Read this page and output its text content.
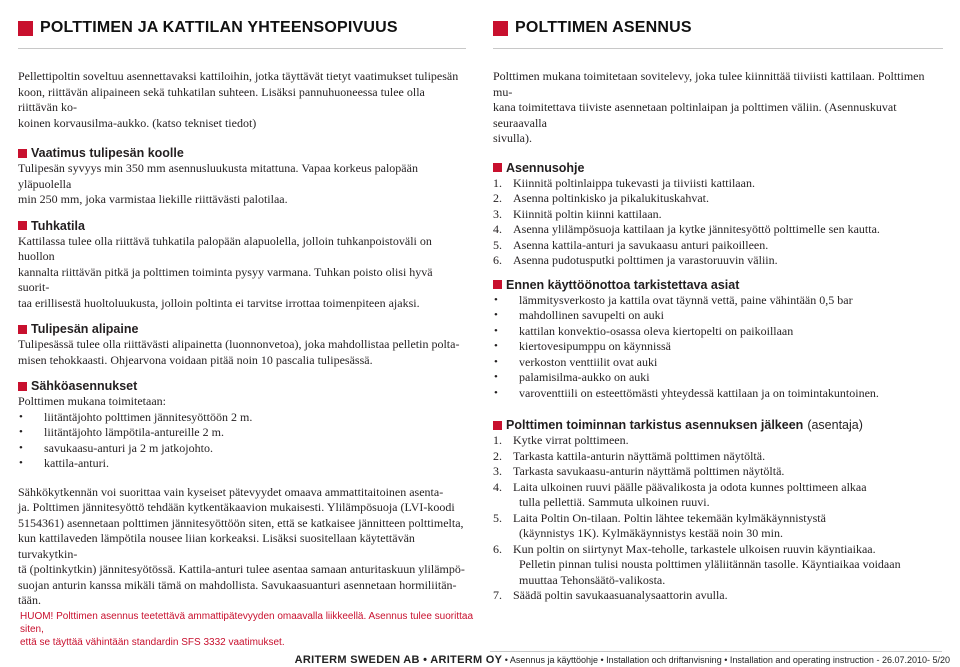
POLTTIMEN JA KATTILAN YHTEENSOPIVUUS

Pellettipoltin soveltuu asennettavaksi kattiloihin, jotka täyttävät tietyt vaatimukset tulipesän

koon, riittävän alipaineen sekä tuhkatilan suhteen. Lisäksi pannuhuoneessa tulee olla riittävän ko-

koinen korvausilma-aukko. (katso tekniset tiedot)

Vaatimus tulipesän koolle

Tulipesän syvyys min 350 mm asennusluukusta mitattuna. Vapaa korkeus palopään yläpuolella

min 250 mm, joka varmistaa liekille riittävästi palotilaa.

Tuhkatila

Kattilassa tulee olla riittävä tuhkatila palopään alapuolella, jolloin tuhkanpoistoväli on huollon

kannalta riittävän pitkä ja polttimen toiminta pysyy varmana. Tuhkan poisto olisi hyvä suorit-

taa erillisestä huoltoluukusta, jolloin poltinta ei tarvitse irrottaa toimenpiteen ajaksi.

Tulipesän alipaine

Tulipesässä tulee olla riittävästi alipainetta (luonnonvetoa), joka mahdollistaa pelletin polta-

misen tehokkaasti. Ohjearvona voidaan pitää noin 10 pascalia tulipesässä.

Sähköasennukset

Polttimen mukana toimitetaan:

• liitäntäjohto polttimen jännitesyöttöön 2 m.
• liitäntäjohto lämpötila-antureille 2 m.
• savukaasu-anturi ja 2 m jatkojohto.
• kattila-anturi.

Sähkökytkennän voi suorittaa vain kyseiset pätevyydet omaava ammattitaitoinen asenta-

ja. Polttimen jännitesyöttö tehdään kytkentäkaavion mukaisesti. Ylilämpösuoja (LVI-koodi

5154361) asennetaan polttimen jännitesyöttöön siten, että se katkaisee jännitteen polttimelta,

kun kattilaveden lämpötila nousee liian korkeaksi. Lisäksi suositellaan käytettävän turvakytkin-

tä (poltinkytkin) jännitesyötössä. Kattila-anturi tulee asentaa samaan anturitaskuun ylilämpö-

suojan anturin kanssa mikäli tämä on mahdollista. Savukaasuanturi asennetaan hormiliitän-

tään.

POLTTIMEN ASENNUS

Polttimen mukana toimitetaan sovitelevy, joka tulee kiinnittää tiiviisti kattilaan. Polttimen mu-

kana toimitettava tiiviste asennetaan poltinlaipan ja polttimen väliin. (Asennuskuvat seuraavalla

sivulla).

Asennusohje
1. Kiinnitä poltinlaippa tukevasti ja tiiviisti kattilaan.
2. Asenna poltinkisko ja pikalukituskahvat.
3. Kiinnitä poltin kiinni kattilaan.
4. Asenna ylilämpösuoja kattilaan ja kytke jännitesyöttö polttimelle sen kautta.
5. Asenna kattila-anturi ja savukaasu anturi paikoilleen.
6. Asenna pudotusputki polttimen ja varastoruuvin väliin.
Ennen käyttöönottoa tarkistettava asiat
• lämmitysverkosto ja kattila ovat täynnä vettä, paine vähintään 0,5 bar
• mahdollinen savupelti on auki
• kattilan konvektio-osassa oleva kiertopelti on paikoillaan
• kiertovesipumppu on käynnissä
• verkoston venttiilit ovat auki
• palamisilma-aukko on auki
• varoventtiili on esteettömästi yhteydessä kattilaan ja on toimintakuntoinen.
Polttimen toiminnan tarkistus asennuksen jälkeen (asentaja)
1. Kytke virrat polttimeen.
2. Tarkasta kattila-anturin näyttämä polttimen näytöltä.
3. Tarkasta savukaasu-anturin näyttämä polttimen näytöltä.
4. Laita ulkoinen ruuvi päälle päävalikosta ja odota kunnes polttimeen alkaa
tulla pellettiä. Sammuta ulkoinen ruuvi.
5. Laita Poltin On-tilaan. Poltin lähtee tekemään kylmäkäynnistystä
(käynnistys 1K). Kylmäkäynnistys kestää noin 30 min.
6. Kun poltin on siirtynyt Max-teholle, tarkastele ulkoisen ruuvin käyntiaikaa.
Pelletin pinnan tulisi nousta polttimen yläliitännän tasolle. Käyntiaikaa voidaan
muuttaa Tehonsäätö-valikosta.
7. Säädä poltin savukaasuanalysaattorin avulla.
HUOM! Polttimen asennus teetettävä ammattipätevyyden omaavalla liikkeellä. Asennus tulee suorittaa siten,
että se täyttää vähintään standardin SFS 3332 vaatimukset.
ARITERM SWEDEN AB • ARITERM OY • Asennus ja käyttöohje • Installation och driftanvisning • Installation and operating instruction - 26.07.2010- 5/20
